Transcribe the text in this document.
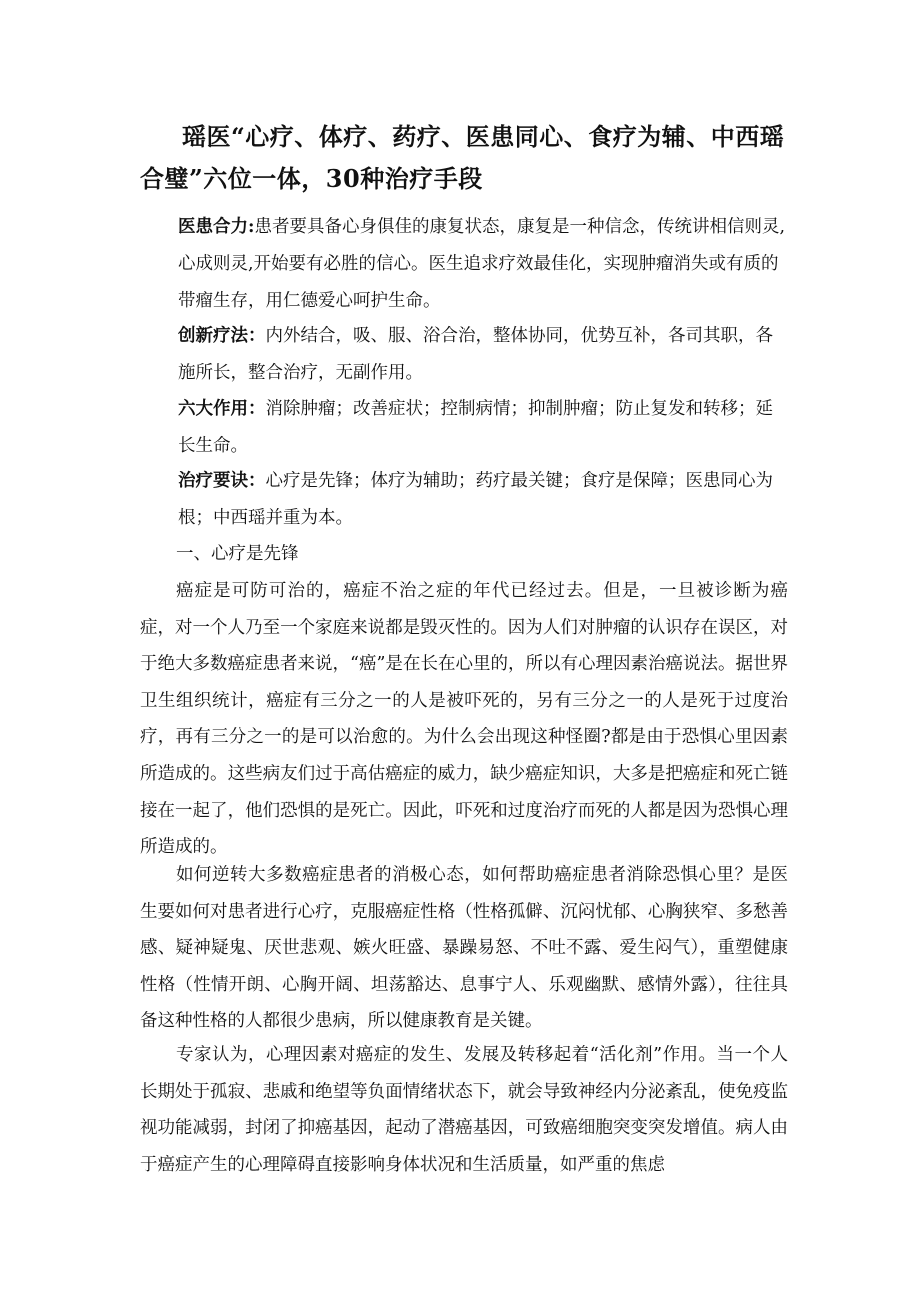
瑶医“心疗、体疗、药疗、医患同心、食疗为辅、中西瑶合璧”六位一体，30种治疗手段

医患合力:患者要具备心身俱佳的康复状态，康复是一种信念，传统讲相信则灵,心成则灵,开始要有必胜的信心。医生追求疗效最佳化，实现肿瘤消失或有质的带瘤生存，用仁德爱心呵护生命。

创新疗法：内外结合，吸、服、浴合治，整体协同，优势互补，各司其职，各施所长，整合治疗，无副作用。

六大作用：消除肿瘤；改善症状；控制病情；抑制肿瘤；防止复发和转移；延长生命。

治疗要诀：心疗是先锋；体疗为辅助；药疗最关键；食疗是保障；医患同心为根；中西瑶并重为本。

一、心疗是先锋

癌症是可防可治的，癌症不治之症的年代已经过去。但是，一旦被诊断为癌症，对一个人乃至一个家庭来说都是毁灭性的。因为人们对肿瘤的认识存在误区，对于绝大多数癌症患者来说，“癌”是在长在心里的，所以有心理因素治癌说法。据世界卫生组织统计，癌症有三分之一的人是被吓死的，另有三分之一的人是死于过度治疗，再有三分之一的是可以治愈的。为什么会出现这种怪圈?都是由于恐惧心里因素所造成的。这些病友们过于高估癌症的威力，缺少癌症知识，大多是把癌症和死亡链接在一起了，他们恐惧的是死亡。因此，吓死和过度治疗而死的人都是因为恐惧心理所造成的。

如何逆转大多数癌症患者的消极心态，如何帮助癌症患者消除恐惧心里？是医生要如何对患者进行心疗，克服癌症性格（性格孤僻、沉闷忧郁、心胸狭窄、多愁善感、疑神疑鬼、厌世悲观、嫉火旺盛、暴躁易怒、不吐不露、爱生闷气），重塑健康性格（性情开朗、心胸开阔、坦荡豁达、息事宁人、乐观幽默、感情外露），往往具备这种性格的人都很少患病，所以健康教育是关键。

专家认为，心理因素对癌症的发生、发展及转移起着“活化剂”作用。当一个人长期处于孤寂、悲戚和绝望等负面情绪状态下，就会导致神经内分泌紊乱，使免疫监视功能减弱，封闭了抑癌基因，起动了潜癌基因，可致癌细胞突变突发增值。病人由于癌症产生的心理障碍直接影响身体状况和生活质量，如严重的焦虑
